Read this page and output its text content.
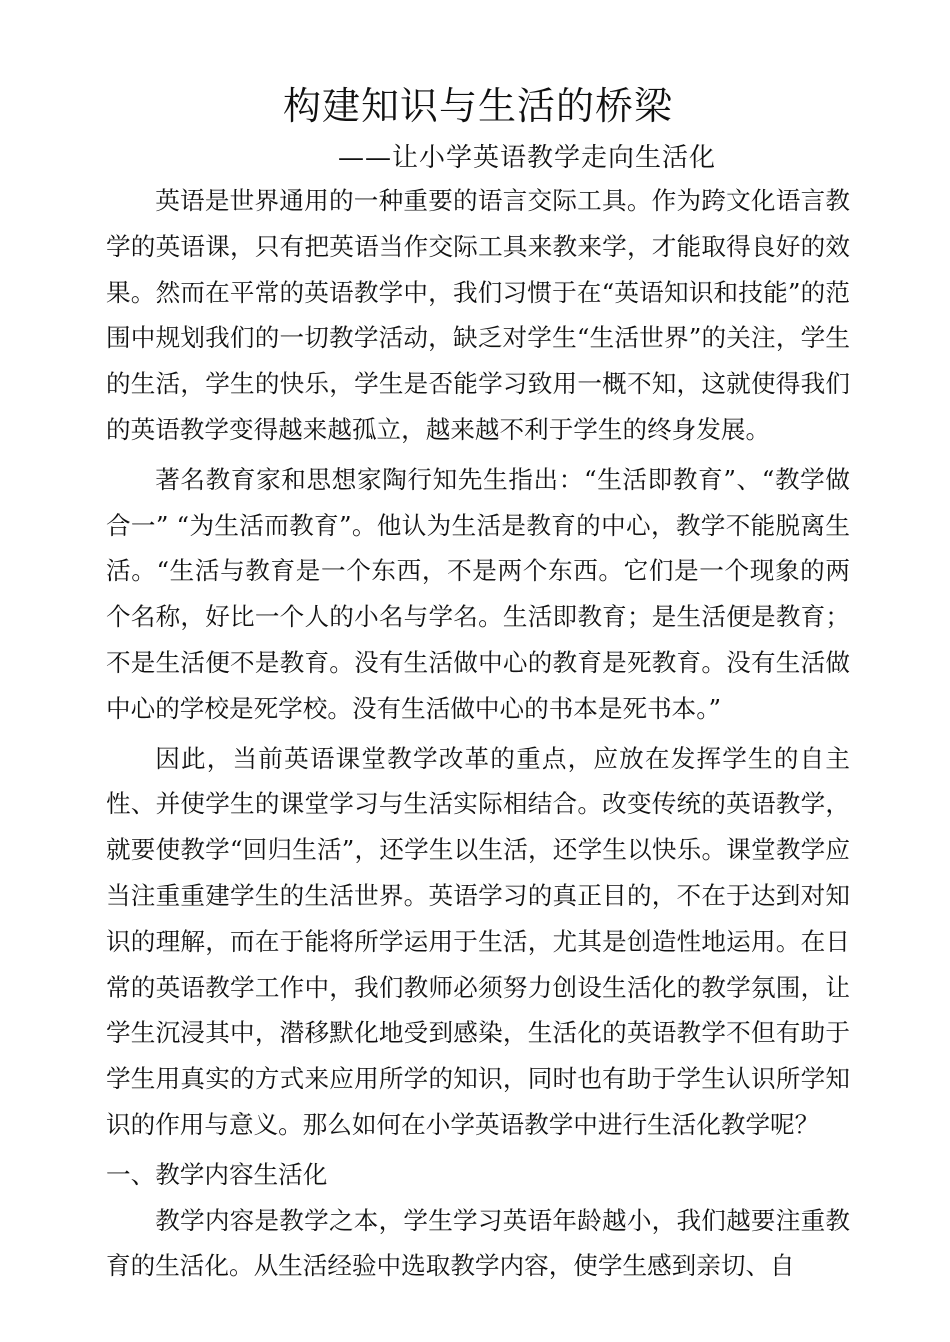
构建知识与生活的桥梁
——让小学英语教学走向生活化

英语是世界通用的一种重要的语言交际工具。作为跨文化语言教学的英语课，只有把英语当作交际工具来教来学，才能取得良好的效果。然而在平常的英语教学中，我们习惯于在“英语知识和技能”的范围中规划我们的一切教学活动，缺乏对学生“生活世界”的关注，学生的生活，学生的快乐，学生是否能学习致用一概不知，这就使得我们的英语教学变得越来越孤立，越来越不利于学生的终身发展。

著名教育家和思想家陶行知先生指出：“生活即教育”、“教学做合一” “为生活而教育”。他认为生活是教育的中心，教学不能脱离生活。“生活与教育是一个东西，不是两个东西。它们是一个现象的两个名称，好比一个人的小名与学名。生活即教育；是生活便是教育；不是生活便不是教育。没有生活做中心的教育是死教育。没有生活做中心的学校是死学校。没有生活做中心的书本是死书本。”

因此，当前英语课堂教学改革的重点，应放在发挥学生的自主性、并使学生的课堂学习与生活实际相结合。改变传统的英语教学，就要使教学“回归生活”，还学生以生活，还学生以快乐。课堂教学应当注重重建学生的生活世界。英语学习的真正目的，不在于达到对知识的理解，而在于能将所学运用于生活，尤其是创造性地运用。在日常的英语教学工作中，我们教师必须努力创设生活化的教学氛围，让学生沉浸其中，潜移默化地受到感染，生活化的英语教学不但有助于学生用真实的方式来应用所学的知识，同时也有助于学生认识所学知识的作用与意义。那么如何在小学英语教学中进行生活化教学呢？

一、教学内容生活化

教学内容是教学之本，学生学习英语年龄越小，我们越要注重教育的生活化。从生活经验中选取教学内容，使学生感到亲切、自
